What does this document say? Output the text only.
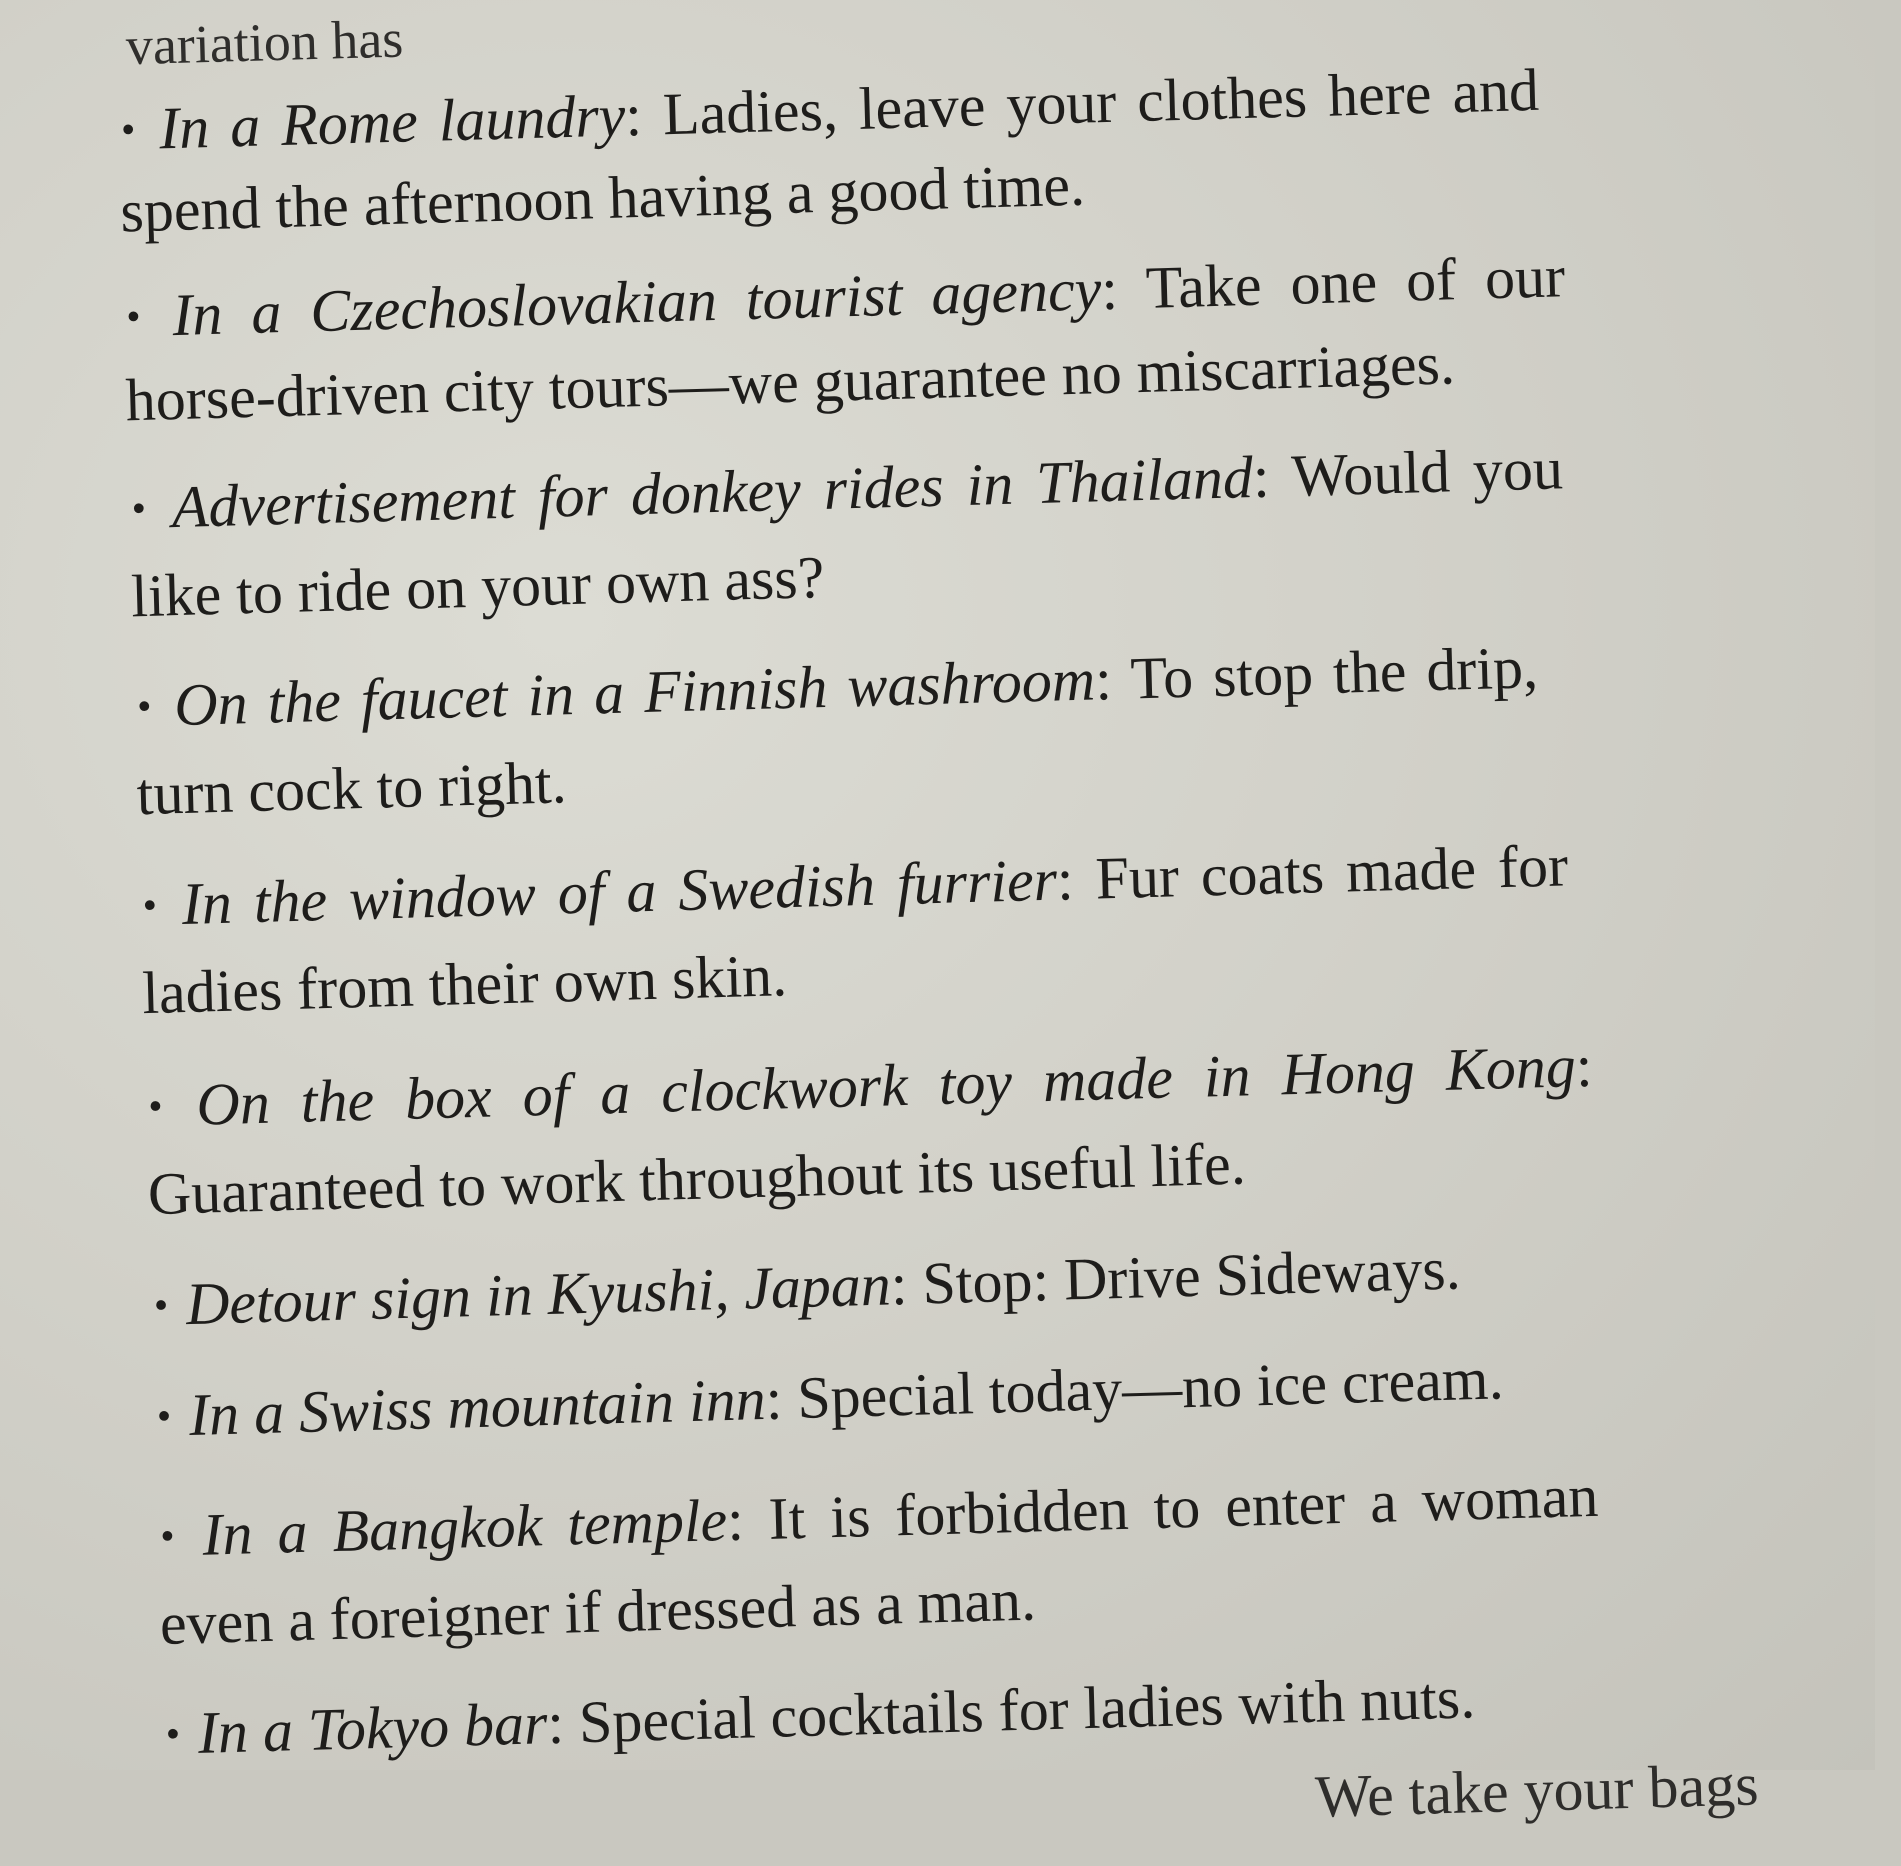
variation has
· In a Rome laundry: Ladies, leave your clothes here and
spend the afternoon having a good time.
· In a Czechoslovakian tourist agency: Take one of our
horse-driven city tours—we guarantee no miscarriages.
· Advertisement for donkey rides in Thailand: Would you
like to ride on your own ass?
· On the faucet in a Finnish washroom: To stop the drip,
turn cock to right.
· In the window of a Swedish furrier: Fur coats made for
ladies from their own skin.
· On the box of a clockwork toy made in Hong Kong:
Guaranteed to work throughout its useful life.
· Detour sign in Kyushi, Japan: Stop: Drive Sideways.
· In a Swiss mountain inn: Special today—no ice cream.
· In a Bangkok temple: It is forbidden to enter a woman
even a foreigner if dressed as a man.
· In a Tokyo bar: Special cocktails for ladies with nuts.
We take your bags
